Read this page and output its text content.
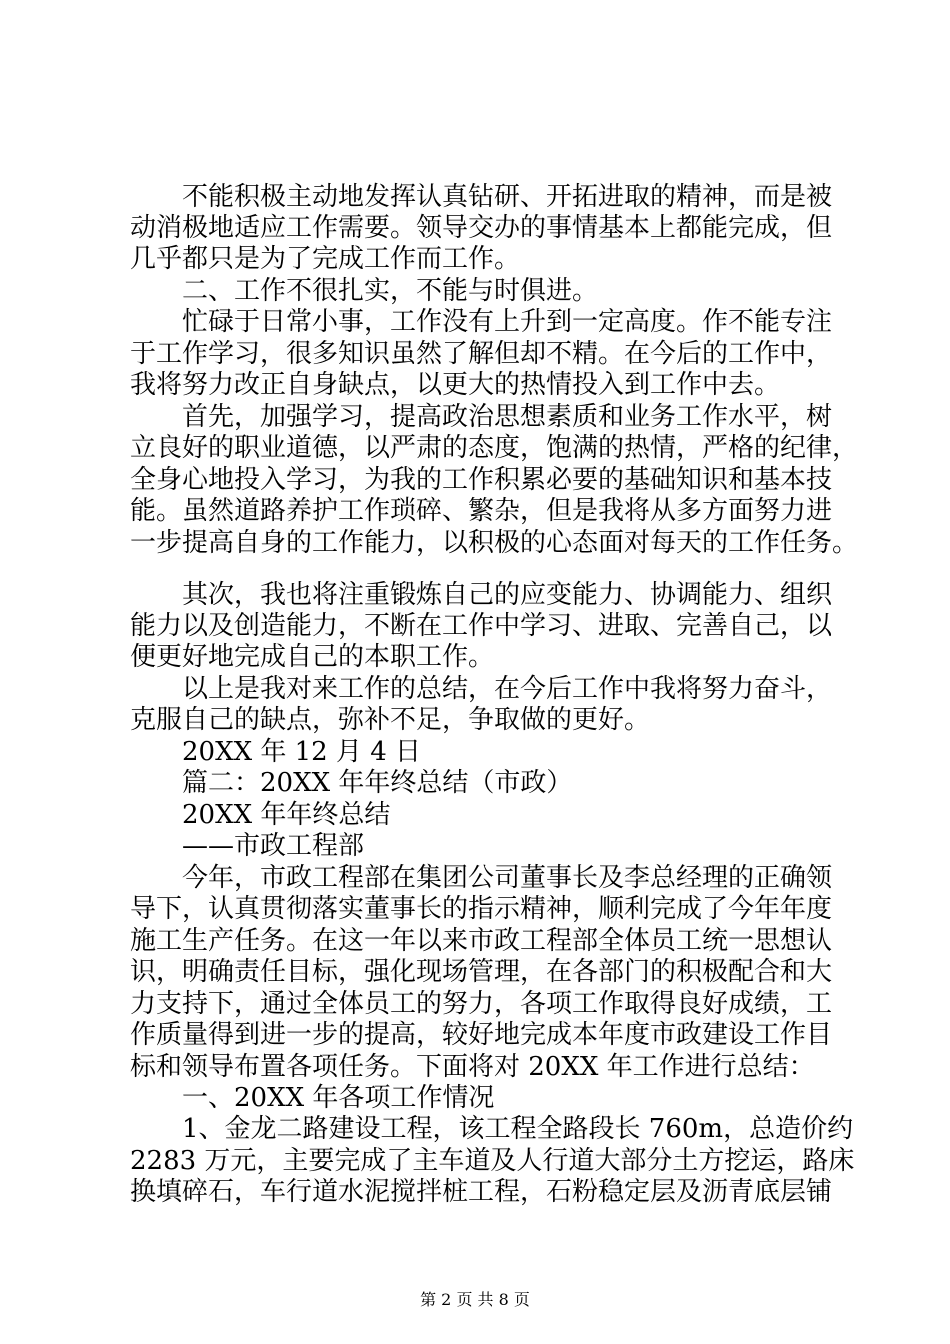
不能积极主动地发挥认真钻研、开拓进取的精神，而是被
动消极地适应工作需要。领导交办的事情基本上都能完成，但
几乎都只是为了完成工作而工作。
二、工作不很扎实，不能与时俱进。
忙碌于日常小事，工作没有上升到一定高度。作不能专注
于工作学习，很多知识虽然了解但却不精。在今后的工作中，
我将努力改正自身缺点，以更大的热情投入到工作中去。
首先，加强学习，提高政治思想素质和业务工作水平，树
立良好的职业道德，以严肃的态度，饱满的热情，严格的纪律，
全身心地投入学习，为我的工作积累必要的基础知识和基本技
能。虽然道路养护工作琐碎、繁杂，但是我将从多方面努力进
一步提高自身的工作能力，以积极的心态面对每天的工作任务。
其次，我也将注重锻炼自己的应变能力、协调能力、组织
能力以及创造能力，不断在工作中学习、进取、完善自己，以
便更好地完成自己的本职工作。
以上是我对来工作的总结，在今后工作中我将努力奋斗，
克服自己的缺点，弥补不足，争取做的更好。
20XX 年 12 月 4 日
篇二：20XX 年年终总结（市政）
20XX 年年终总结
——市政工程部
今年，市政工程部在集团公司董事长及李总经理的正确领
导下，认真贯彻落实董事长的指示精神，顺利完成了今年年度
施工生产任务。在这一年以来市政工程部全体员工统一思想认
识，明确责任目标，强化现场管理，在各部门的积极配合和大
力支持下，通过全体员工的努力，各项工作取得良好成绩，工
作质量得到进一步的提高，较好地完成本年度市政建设工作目
标和领导布置各项任务。下面将对 20XX 年工作进行总结：
一、20XX 年各项工作情况
1、金龙二路建设工程，该工程全路段长 760m，总造价约
2283 万元，主要完成了主车道及人行道大部分土方挖运，路床
换填碎石，车行道水泥搅拌桩工程，石粉稳定层及沥青底层铺
第 2 页 共 8 页
